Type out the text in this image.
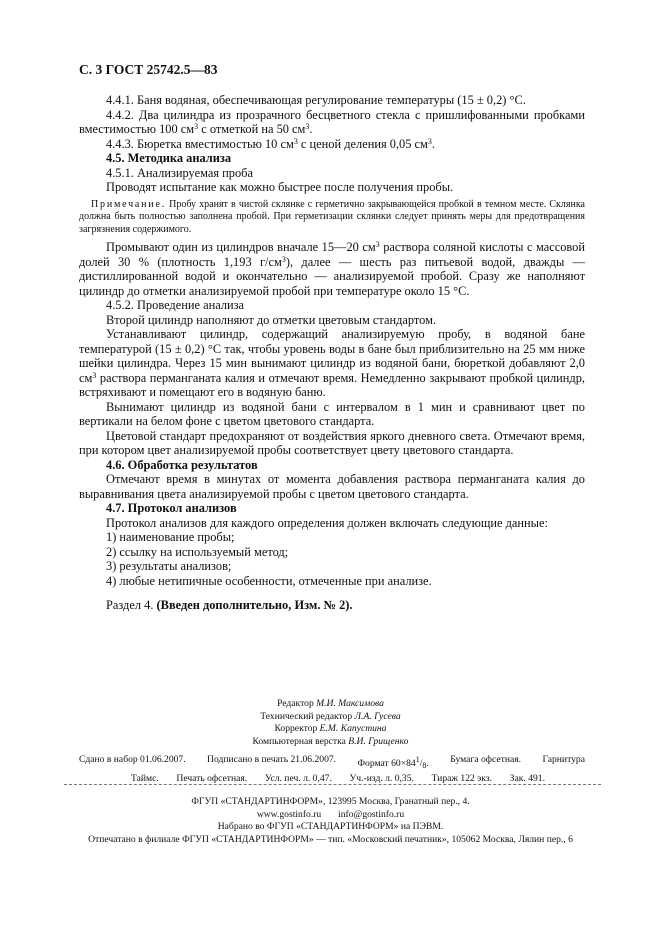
С. 3 ГОСТ 25742.5—83

4.4.1. Баня водяная, обеспечивающая регулирование температуры (15 ± 0,2) °С.

4.4.2. Два цилиндра из прозрачного бесцветного стекла с пришлифованными пробками вместимостью 100 $см^3$ с отметкой на 50 $см^3$.

4.4.3. Бюретка вместимостью 10 $см^3$ с ценой деления 0,05 $см^3$.

4.5. Методика анализа

4.5.1. Анализируемая проба

Проводят испытание как можно быстрее после получения пробы.

Примечание. Пробу хранят в чистой склянке с герметично закрывающейся пробкой в темном месте. Склянка должна быть полностью заполнена пробой. При герметизации склянки следует принять меры для предотвращения загрязнения содержимого.

Промывают один из цилиндров вначале 15—20 $см^3$ раствора соляной кислоты с массовой долей 30 % (плотность 1,193 $г/см^3$), далее — шесть раз питьевой водой, дважды — дистиллированной водой и окончательно — анализируемой пробой. Сразу же наполняют цилиндр до отметки анализируемой пробой при температуре около 15 °С.

4.5.2. Проведение анализа

Второй цилиндр наполняют до отметки цветовым стандартом.

Устанавливают цилиндр, содержащий анализируемую пробу, в водяной бане температурой (15 ± 0,2) °С так, чтобы уровень воды в бане был приблизительно на 25 мм ниже шейки цилиндра. Через 15 мин вынимают цилиндр из водяной бани, бюреткой добавляют 2,0 $см^3$ раствора перманганата калия и отмечают время. Немедленно закрывают пробкой цилиндр, встряхивают и помещают его в водяную баню.

Вынимают цилиндр из водяной бани с интервалом в 1 мин и сравнивают цвет по вертикали на белом фоне с цветом цветового стандарта.

Цветовой стандарт предохраняют от воздействия яркого дневного света. Отмечают время, при котором цвет анализируемой пробы соответствует цвету цветового стандарта.

4.6. Обработка результатов

Отмечают время в минутах от момента добавления раствора перманганата калия до выравнивания цвета анализируемой пробы с цветом цветового стандарта.

4.7. Протокол анализов

Протокол анализов для каждого определения должен включать следующие данные:

1) наименование пробы;

2) ссылку на используемый метод;

3) результаты анализов;

4) любые нетипичные особенности, отмеченные при анализе.

Раздел 4. (Введен дополнительно, Изм. № 2).

Редактор М.И. Максимова
Технический редактор Л.А. Гусева
Корректор Е.М. Капустина
Компьютерная верстка В.И. Грищенко
Сдано в набор 01.06.2007. Подписано в печать 21.06.2007. Формат $60\times 84^1/_8$. Бумага офсетная. Гарнитура
Таймс. Печать офсетная. Усл. печ. л. 0,47. Уч.-изд. л. 0,35. Тираж 122 экз. Зак. 491.
ФГУП «СТАНДАРТИНФОРМ», 123995 Москва, Гранатный пер., 4.
www.gostinfo.ru info@gostinfo.ru
Набрано во ФГУП «СТАНДАРТИНФОРМ» на ПЭВМ.
Отпечатано в филиале ФГУП «СТАНДАРТИНФОРМ» — тип. «Московский печатник», 105062 Москва, Лялин пер., 6
